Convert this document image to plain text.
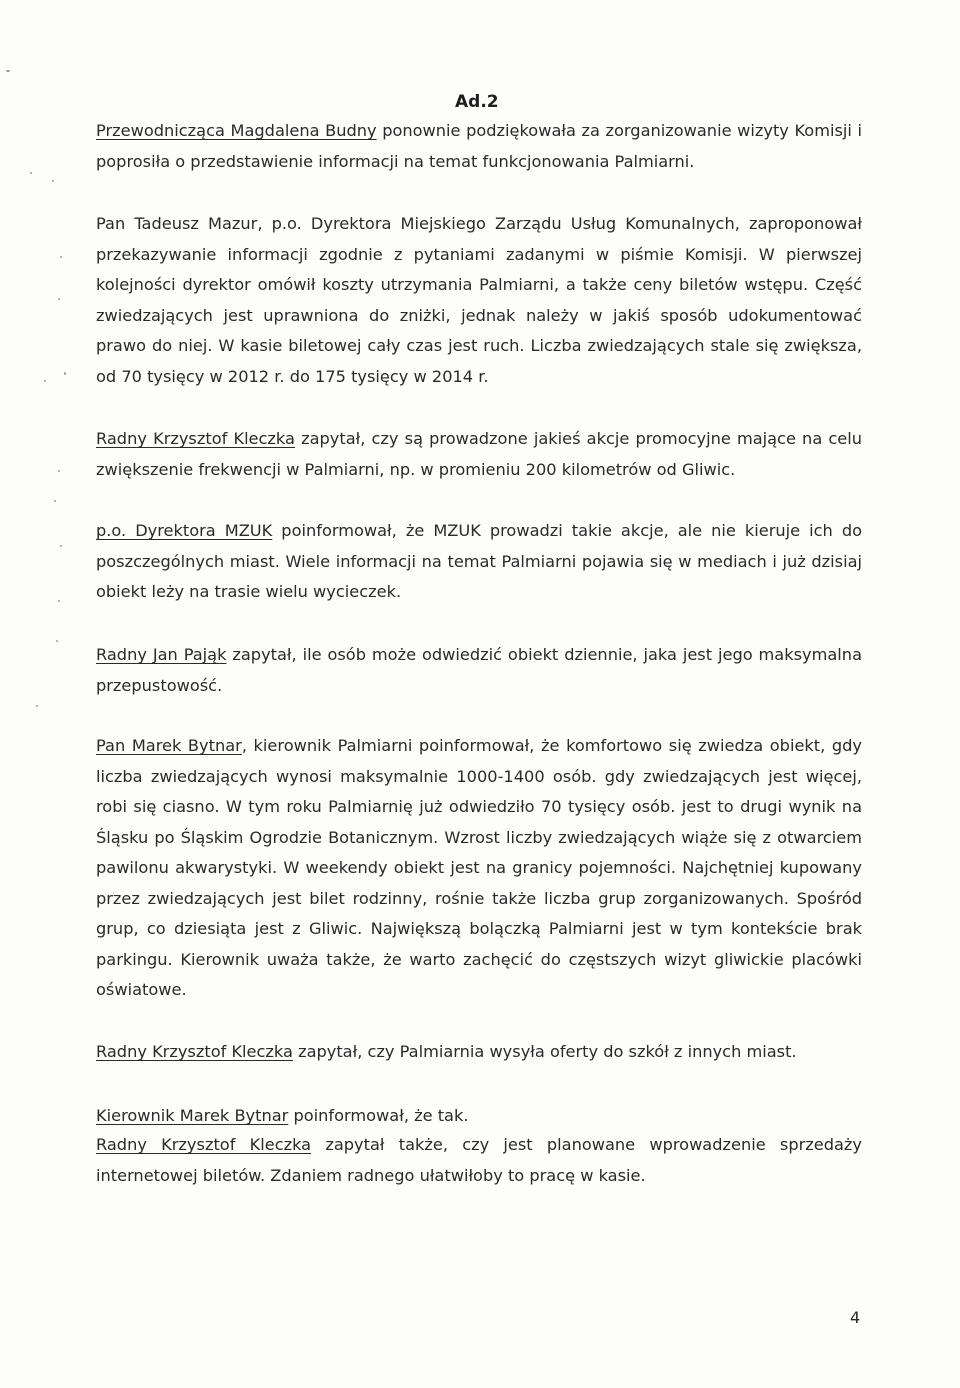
Ad.2

Przewodnicząca Magdalena Budny ponownie podziękowała za zorganizowanie wizyty Komisji i poprosiła o przedstawienie informacji na temat funkcjonowania Palmiarni.

Pan Tadeusz Mazur, p.o. Dyrektora Miejskiego Zarządu Usług Komunalnych, zaproponował przekazywanie informacji zgodnie z pytaniami zadanymi w piśmie Komisji. W pierwszej kolejności dyrektor omówił koszty utrzymania Palmiarni, a także ceny biletów wstępu. Część zwiedzających jest uprawniona do zniżki, jednak należy w jakiś sposób udokumentować prawo do niej. W kasie biletowej cały czas jest ruch. Liczba zwiedzających stale się zwiększa, od 70 tysięcy w 2012 r. do 175 tysięcy w 2014 r.

Radny Krzysztof Kleczka zapytał, czy są prowadzone jakieś akcje promocyjne mające na celu zwiększenie frekwencji w Palmiarni, np. w promieniu 200 kilometrów od Gliwic.

p.o. Dyrektora MZUK poinformował, że MZUK prowadzi takie akcje, ale nie kieruje ich do poszczególnych miast. Wiele informacji na temat Palmiarni pojawia się w mediach i już dzisiaj obiekt leży na trasie wielu wycieczek.

Radny Jan Pająk zapytał, ile osób może odwiedzić obiekt dziennie, jaka jest jego maksymalna przepustowość.

Pan Marek Bytnar, kierownik Palmiarni poinformował, że komfortowo się zwiedza obiekt, gdy liczba zwiedzających wynosi maksymalnie 1000-1400 osób. gdy zwiedzających jest więcej, robi się ciasno. W tym roku Palmiarnię już odwiedziło 70 tysięcy osób. jest to drugi wynik na Śląsku po Śląskim Ogrodzie Botanicznym. Wzrost liczby zwiedzających wiąże się z otwarciem pawilonu akwarystyki. W weekendy obiekt jest na granicy pojemności. Najchętniej kupowany przez zwiedzających jest bilet rodzinny, rośnie także liczba grup zorganizowanych. Spośród grup, co dziesiąta jest z Gliwic. Największą bolączką Palmiarni jest w tym kontekście brak parkingu. Kierownik uważa także, że warto zachęcić do częstszych wizyt gliwickie placówki oświatowe.

Radny Krzysztof Kleczka zapytał, czy Palmiarnia wysyła oferty do szkół z innych miast.

Kierownik Marek Bytnar poinformował, że tak.

Radny Krzysztof Kleczka zapytał także, czy jest planowane wprowadzenie sprzedaży internetowej biletów. Zdaniem radnego ułatwiłoby to pracę w kasie.

4
